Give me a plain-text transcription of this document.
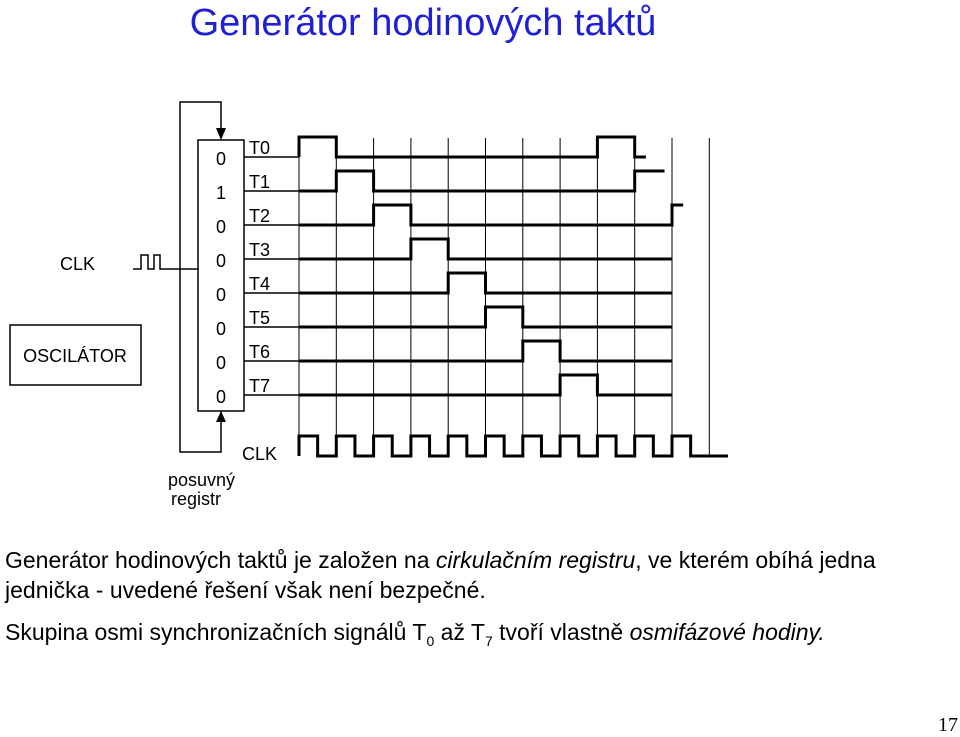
Generátor hodinových taktů
OSCILÁTOR
CLK
0
1
0
0
0
0
0
0
posuvný
registr
T0
T1
T2
T3
T4
T5
T6
T7
CLK

Generátor hodinových taktů je založen na cirkulačním registru, ve kterém obíhá jedna jednička - uvedené řešení však není bezpečné.

Skupina osmi synchronizačních signálů $T_0$ až $T_7$ tvoří vlastně osmifázové hodiny.

17
